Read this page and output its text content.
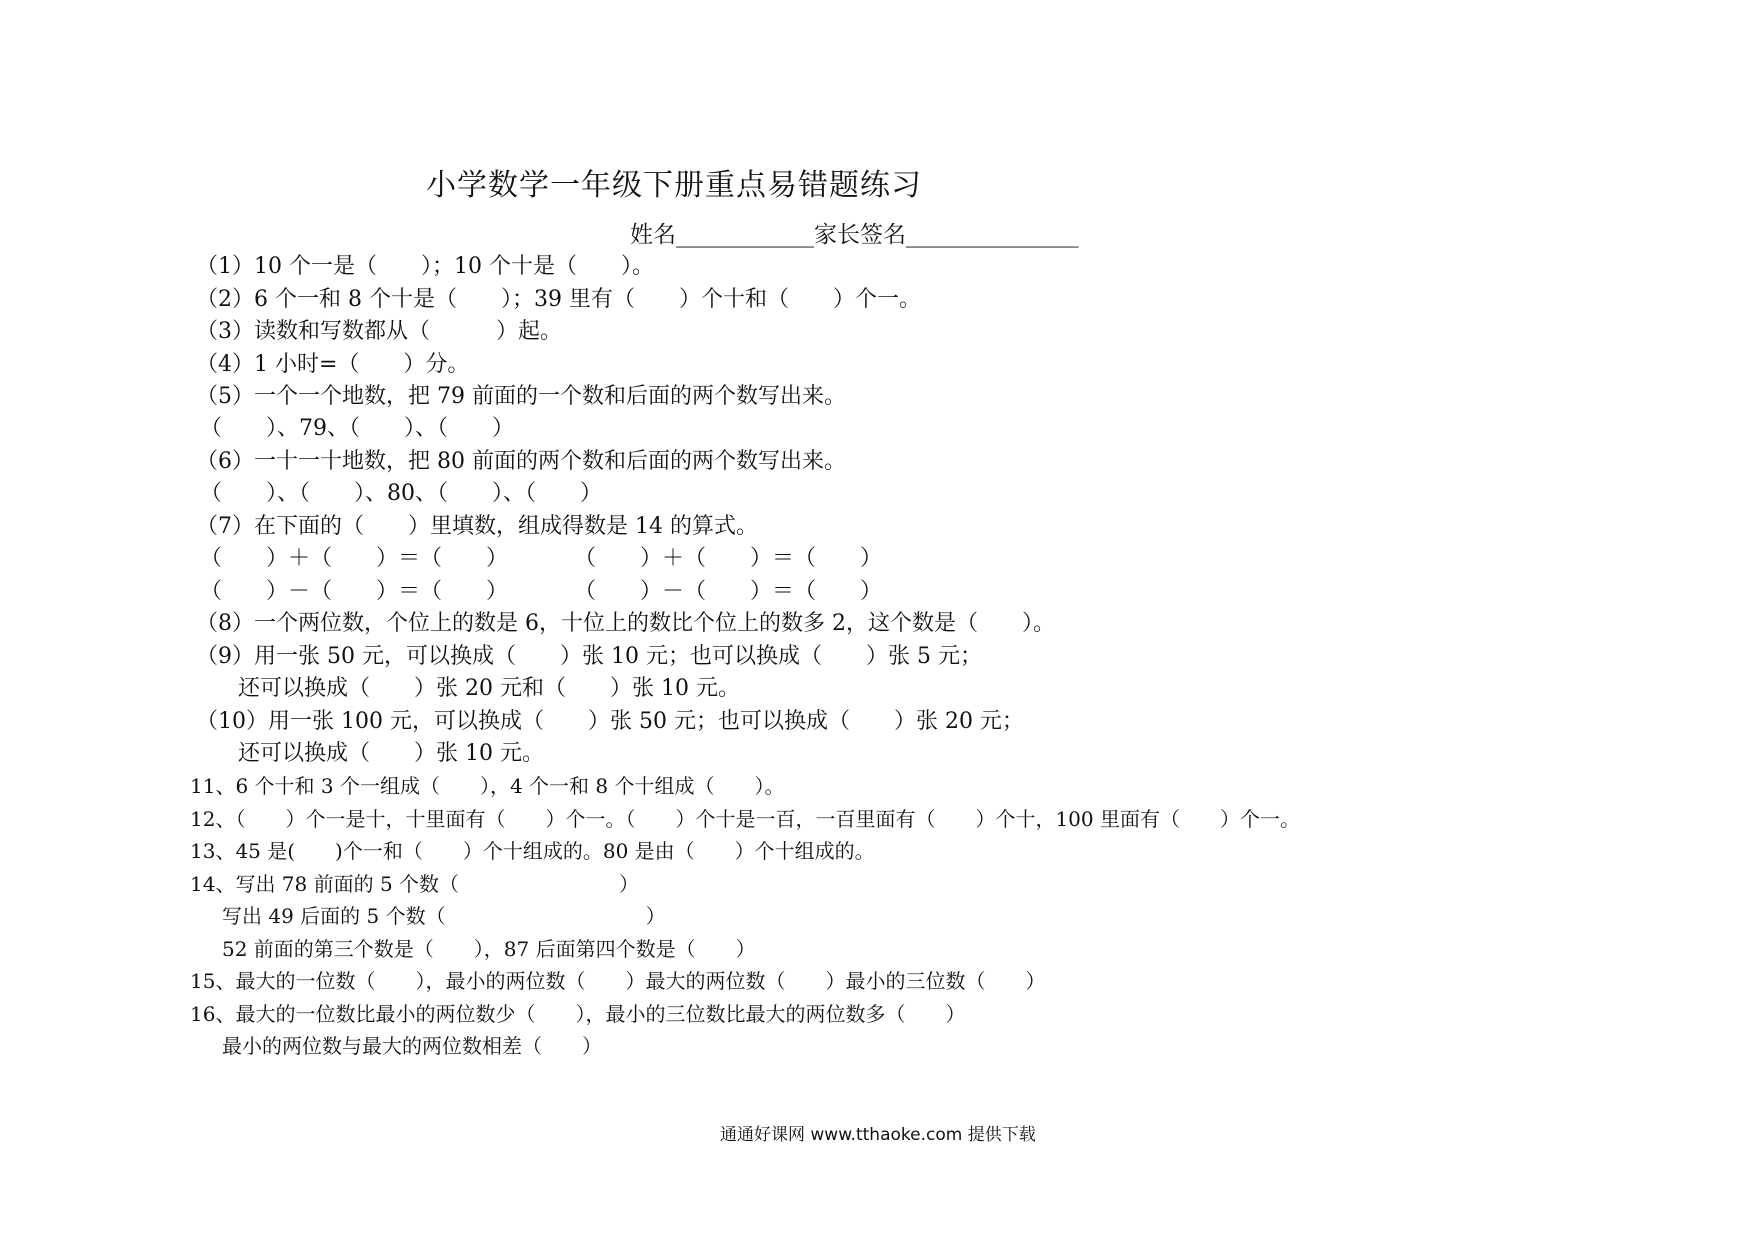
小学数学一年级下册重点易错题练习
姓名____________家长签名_______________
（1）10 个一是（　　）；10 个十是（　　）。
（2）6 个一和 8 个十是（　　）；39 里有（　　）个十和（　　）个一。
（3）读数和写数都从（　　　）起。
（4）1 小时=（　　）分。
（5）一个一个地数，把 79 前面的一个数和后面的两个数写出来。
（　　）、79、（　　）、（　　）
（6）一十一十地数，把 80 前面的两个数和后面的两个数写出来。
（　　）、（　　）、80、（　　）、（　　）
（7）在下面的（　　）里填数，组成得数是 14 的算式。
（　　）＋（　　）＝（　　）　　　　（　　）＋（　　）＝（　　）
（　　）－（　　）＝（　　）　　　　（　　）－（　　）＝（　　）
（8）一个两位数，个位上的数是 6，十位上的数比个位上的数多 2，这个数是（　　）。
（9）用一张 50 元，可以换成（　　）张 10 元；也可以换成（　　）张 5 元；
还可以换成（　　）张 20 元和（　　）张 10 元。
（10）用一张 100 元，可以换成（　　）张 50 元；也可以换成（　　）张 20 元；
还可以换成（　　）张 10 元。
11、6 个十和 3 个一组成（　　），4 个一和 8 个十组成（　　）。
12、（　　）个一是十，十里面有（　　）个一。（　　）个十是一百，一百里面有（　　）个十，100 里面有（　　）个一。
13、45 是(　　)个一和（　　）个十组成的。80 是由（　　）个十组成的。
14、写出 78 前面的 5 个数（　　　　　　　　）
写出 49 后面的 5 个数（　　　　　　　　　　）
52 前面的第三个数是（　　），87 后面第四个数是（　　）
15、最大的一位数（　　），最小的两位数（　　）最大的两位数（　　）最小的三位数（　　）
16、最大的一位数比最小的两位数少（　　），最小的三位数比最大的两位数多（　　）
最小的两位数与最大的两位数相差（　　）
通通好课网 www.tthaoke.com 提供下载
